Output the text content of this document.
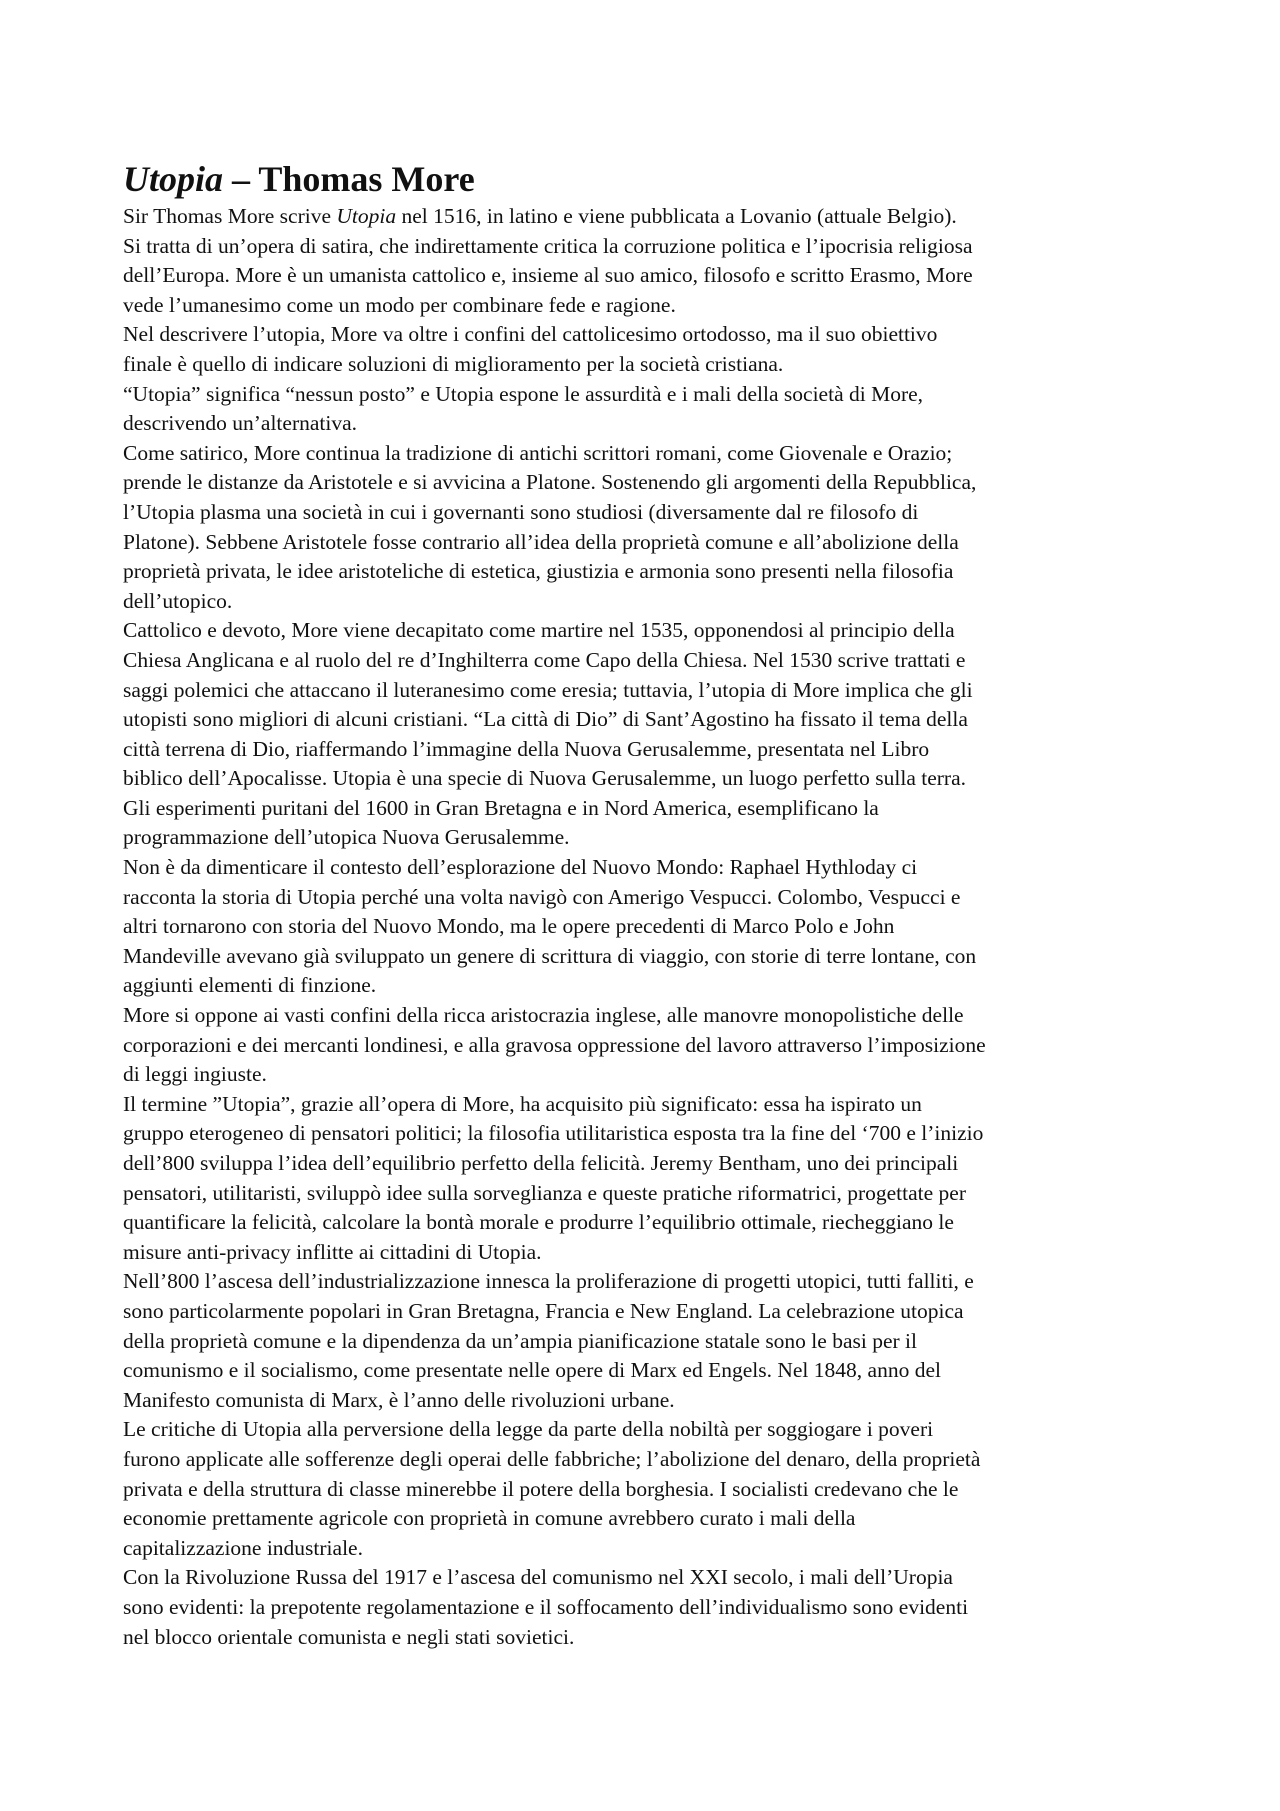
Utopia – Thomas More

Sir Thomas More scrive Utopia nel 1516, in latino e viene pubblicata a Lovanio (attuale Belgio).
Si tratta di un’opera di satira, che indirettamente critica la corruzione politica e l’ipocrisia religiosa
dell’Europa. More è un umanista cattolico e, insieme al suo amico, filosofo e scritto Erasmo, More
vede l’umanesimo come un modo per combinare fede e ragione.

Nel descrivere l’utopia, More va oltre i confini del cattolicesimo ortodosso, ma il suo obiettivo
finale è quello di indicare soluzioni di miglioramento per la società cristiana.

“Utopia” significa “nessun posto” e Utopia espone le assurdità e i mali della società di More,
descrivendo un’alternativa.

Come satirico, More continua la tradizione di antichi scrittori romani, come Giovenale e Orazio;
prende le distanze da Aristotele e si avvicina a Platone. Sostenendo gli argomenti della Repubblica,
l’Utopia plasma una società in cui i governanti sono studiosi (diversamente dal re filosofo di
Platone). Sebbene Aristotele fosse contrario all’idea della proprietà comune e all’abolizione della
proprietà privata, le idee aristoteliche di estetica, giustizia e armonia sono presenti nella filosofia
dell’utopico.

Cattolico e devoto, More viene decapitato come martire nel 1535, opponendosi al principio della
Chiesa Anglicana e al ruolo del re d’Inghilterra come Capo della Chiesa. Nel 1530 scrive trattati e
saggi polemici che attaccano il luteranesimo come eresia; tuttavia, l’utopia di More implica che gli
utopisti sono migliori di alcuni cristiani. “La città di Dio” di Sant’Agostino ha fissato il tema della
città terrena di Dio, riaffermando l’immagine della Nuova Gerusalemme, presentata nel Libro
biblico dell’Apocalisse. Utopia è una specie di Nuova Gerusalemme, un luogo perfetto sulla terra.
Gli esperimenti puritani del 1600 in Gran Bretagna e in Nord America, esemplificano la
programmazione dell’utopica Nuova Gerusalemme.

Non è da dimenticare il contesto dell’esplorazione del Nuovo Mondo: Raphael Hythloday ci
racconta la storia di Utopia perché una volta navigò con Amerigo Vespucci. Colombo, Vespucci e
altri tornarono con storia del Nuovo Mondo, ma le opere precedenti di Marco Polo e John
Mandeville avevano già sviluppato un genere di scrittura di viaggio, con storie di terre lontane, con
aggiunti elementi di finzione.

More si oppone ai vasti confini della ricca aristocrazia inglese, alle manovre monopolistiche delle
corporazioni e dei mercanti londinesi, e alla gravosa oppressione del lavoro attraverso l’imposizione
di leggi ingiuste.

Il termine ”Utopia”, grazie all’opera di More, ha acquisito più significato: essa ha ispirato un
gruppo eterogeneo di pensatori politici; la filosofia utilitaristica esposta tra la fine del ‘700 e l’inizio
dell’800 sviluppa l’idea dell’equilibrio perfetto della felicità. Jeremy Bentham, uno dei principali
pensatori, utilitaristi, sviluppò idee sulla sorveglianza e queste pratiche riformatrici, progettate per
quantificare la felicità, calcolare la bontà morale e produrre l’equilibrio ottimale, riecheggiano le
misure anti-privacy inflitte ai cittadini di Utopia.

Nell’800 l’ascesa dell’industrializzazione innesca la proliferazione di progetti utopici, tutti falliti, e
sono particolarmente popolari in Gran Bretagna, Francia e New England. La celebrazione utopica
della proprietà comune e la dipendenza da un’ampia pianificazione statale sono le basi per il
comunismo e il socialismo, come presentate nelle opere di Marx ed Engels. Nel 1848, anno del
Manifesto comunista di Marx, è l’anno delle rivoluzioni urbane.

Le critiche di Utopia alla perversione della legge da parte della nobiltà per soggiogare i poveri
furono applicate alle sofferenze degli operai delle fabbriche; l’abolizione del denaro, della proprietà
privata e della struttura di classe minerebbe il potere della borghesia. I socialisti credevano che le
economie prettamente agricole con proprietà in comune avrebbero curato i mali della
capitalizzazione industriale.

Con la Rivoluzione Russa del 1917 e l’ascesa del comunismo nel XXI secolo, i mali dell’Uropia
sono evidenti: la prepotente regolamentazione e il soffocamento dell’individualismo sono evidenti
nel blocco orientale comunista e negli stati sovietici.
